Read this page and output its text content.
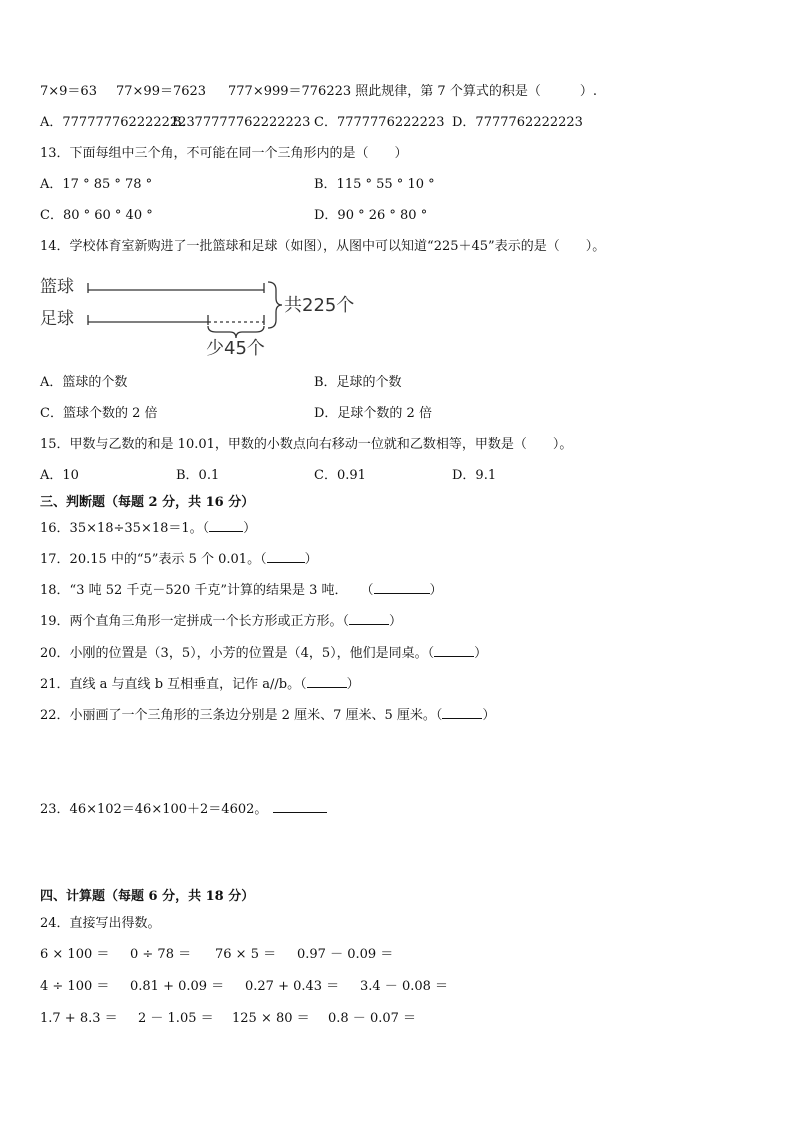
7×9＝63 77×99＝7623 777×999＝776223 照此规律，第 7 个算式的积是（　　　）.
A．7777777622222223
B．77777762222223 C．7777776222223 D．7777762222223
13．下面每组中三个角，不可能在同一个三角形内的是（　　）
A．17 ° 85 ° 78 °	B．115 ° 55 ° 10 °
C．80 ° 60 ° 40 °	D．90 ° 26 ° 80 °
14．学校体育室新购进了一批篮球和足球（如图），从图中可以知道“225＋45”表示的是（　　）。
篮球
足球
共225个
少45个
A．篮球的个数	B．足球的个数
C．篮球个数的 2 倍	D．足球个数的 2 倍
15．甲数与乙数的和是 10.01，甲数的小数点向右移动一位就和乙数相等，甲数是（　　）。
A．10	B．0.1	C．0.91	D．9.1
三、判断题（每题 2 分，共 16 分）
16．35×18÷35×18＝1。（	）
17．20.15 中的“5”表示 5 个 0.01。（	）
18．“3 吨 52 千克－520 千克”计算的结果是 3 吨．　　（	）
19．两个直角三角形一定拼成一个长方形或正方形。（	）
20．小刚的位置是（3，5），小芳的位置是（4，5），他们是同桌。（	）
21．直线 a 与直线 b 互相垂直，记作 a//b。（	）
22．小丽画了一个三角形的三条边分别是 2 厘米、7 厘米、5 厘米。（	）
23．46×102＝46×100＋2＝4602。
四、计算题（每题 6 分，共 18 分）
24．直接写出得数。
6 × 100 ＝ 0 ÷ 78 ＝ 76 × 5 ＝ 0.97 － 0.09 ＝
4 ÷ 100 ＝ 0.81 + 0.09 ＝ 0.27 + 0.43 ＝ 3.4 － 0.08 ＝
1.7 + 8.3 ＝ 2 － 1.05 ＝ 125 × 80 ＝ 0.8 － 0.07 ＝
